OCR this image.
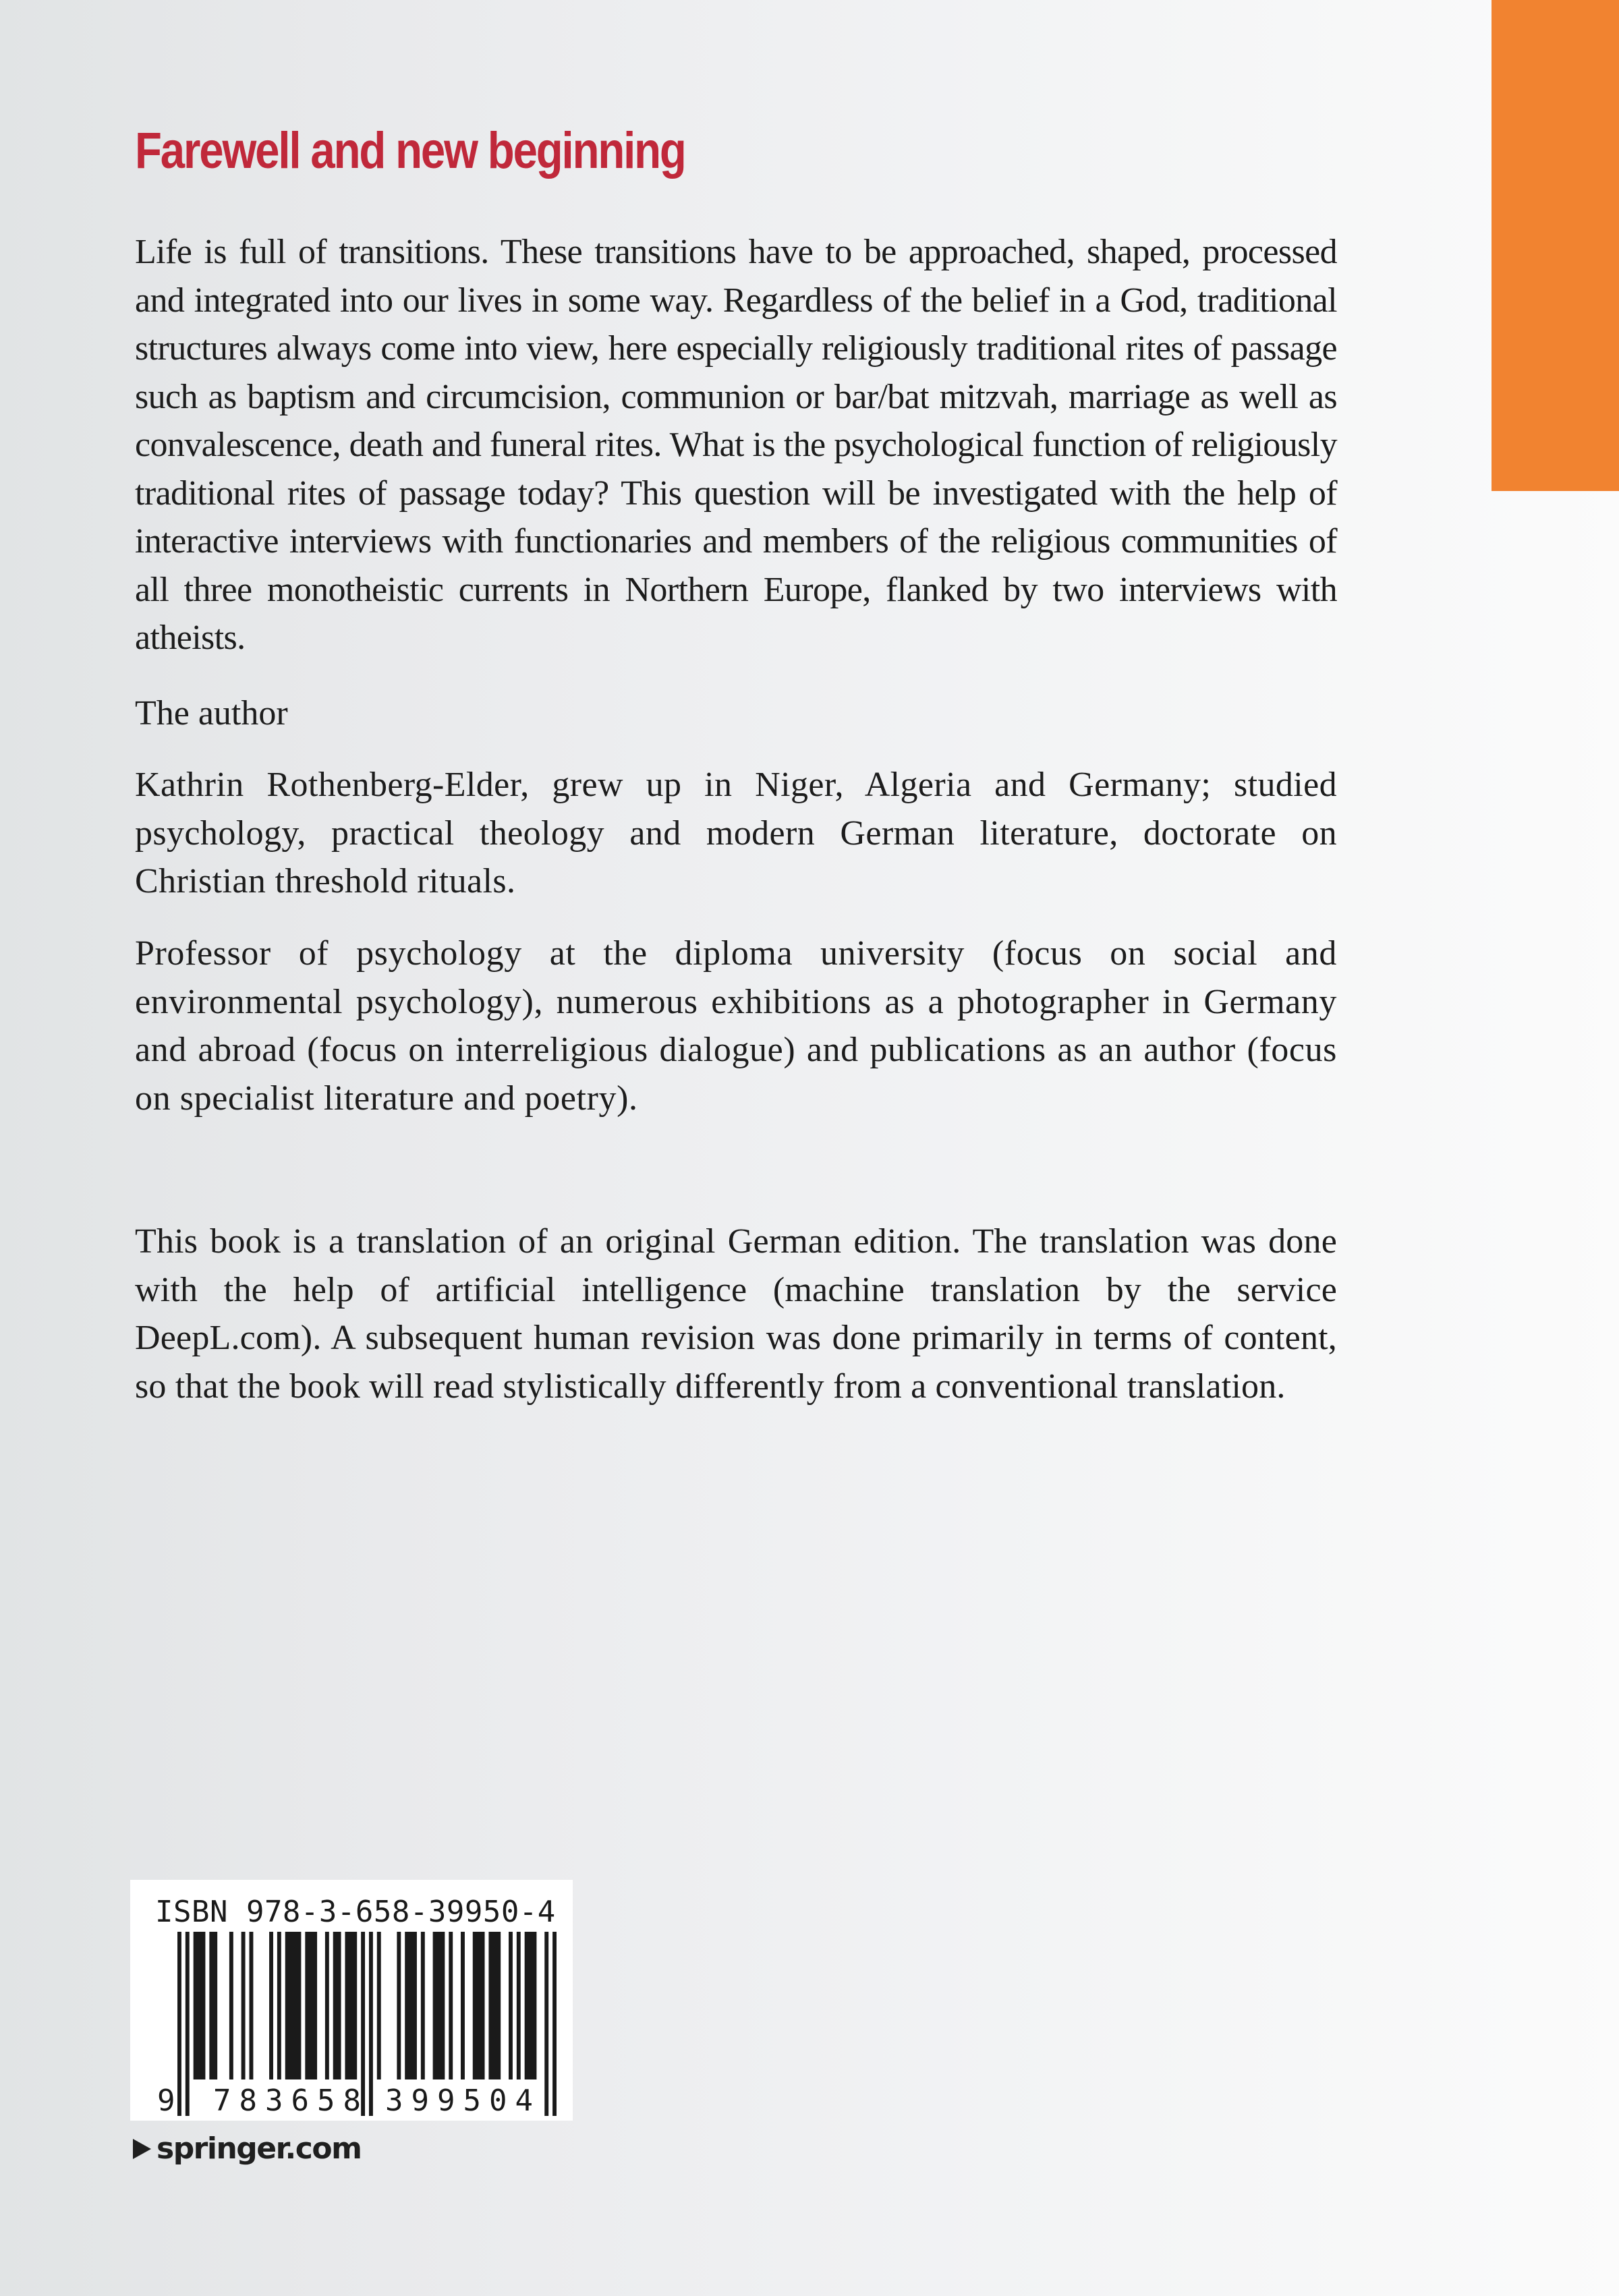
Farewell and new beginning

Life is full of transitions. These transitions have to be approached, shaped, processed and integrated into our lives in some way. Regardless of the belief in a God, traditional structures always come into view, here especially religiously traditional rites of passage such as baptism and circumcision, communion or bar/bat mitzvah, marriage as well as convalescence, death and funeral rites. What is the psychological function of religiously traditional rites of passage today? This question will be investigated with the help of interactive interviews with functionaries and members of the religious communities of all three monotheistic currents in Northern Europe, flanked by two interviews with atheists.

The author

Kathrin Rothenberg-Elder, grew up in Niger, Algeria and Germany; studied psychology, practical theology and modern German literature, doctorate on Christian threshold rituals.

Professor of psychology at the diploma university (focus on social and environmental psychology), numerous exhibitions as a photographer in Germany and abroad (focus on interreligious dialogue) and publications as an author (focus on specialist literature and poetry).

This book is a translation of an original German edition. The translation was done with the help of artificial intelligence (machine translation by the service DeepL.com). A subsequent human revision was done primarily in terms of content, so that the book will read stylistically differently from a conventional translation.

ISBN 978-3-658-39950-4
9 783658 399504
springer.com
